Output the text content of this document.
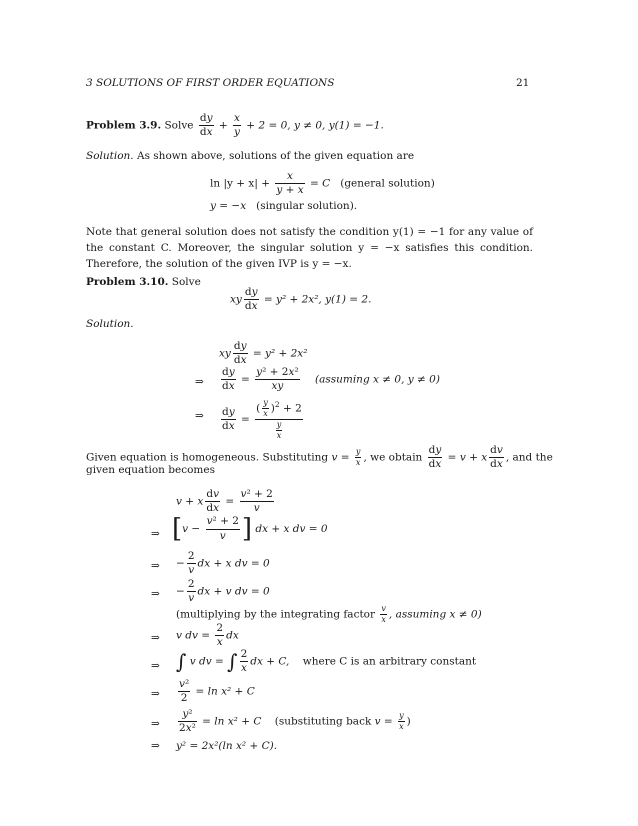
3 SOLUTIONS OF FIRST ORDER EQUATIONS	21
Problem 3.9. Solve $\frac{dy}{dx} + \frac{x}{y} + 2 = 0$, y ≠ 0, y(1) = −1.
Solution. As shown above, solutions of the given equation are
$\ln |y + x| + \frac{x}{y + x} = C$ (general solution)
y = −x (singular solution).
Note that general solution does not satisfy the condition y(1) = −1 for any value of the constant C. Moreover, the singular solution y = −x satisfies this condition. Therefore, the solution of the given IVP is y = −x.
Problem 3.10. Solve
xy $\frac{dy}{dx} = y^2 + 2x^2$, y(1) = 2.
Solution.
xy $\frac{dy}{dx} = y^2 + 2x^2$
⇒ $\frac{dy}{dx} = \frac{\text{y² + 2x²}}{xy}$ (assuming x ≠ 0, y ≠ 0)
⇒ $\frac{dy}{dx} = \frac{( \frac{y}{x} )^2 + 2}{\frac{y}{x}}$
Given equation is homogeneous. Substituting $v = \frac{y}{x}$ , we obtain $\frac{dy}{dx} = v + x \frac{dv}{dx}$ , and the
given equation becomes
v + x $\frac{dv}{dx} = \frac{\text{v² + 2}}{v}$
⇒ [$v - \frac{\text{v² + 2}}{v}$ ] dx + x dv = 0
⇒ − $\frac{2}{v}$ dx + x dv = 0
⇒ − $\frac{2}{v}$ dx + v dv = 0
(multiplying by the integrating factor $\frac{v}{x}$ , assuming x ≠ 0)
⇒ v dv = $\frac{2}{x}$ dx
⇒ ∫ v dv = ∫ $\frac{2}{x}$ dx + C, where C is an arbitrary constant
⇒ $\frac{\text{v²}}{2} = \ln x^2 + C$
⇒ $\frac{\text{y²}}{\text{2x²}} = \ln x^2 + C$ (substituting back $v = \frac{y}{x}$ )
⇒ y² = 2x²(ln x² + C).
